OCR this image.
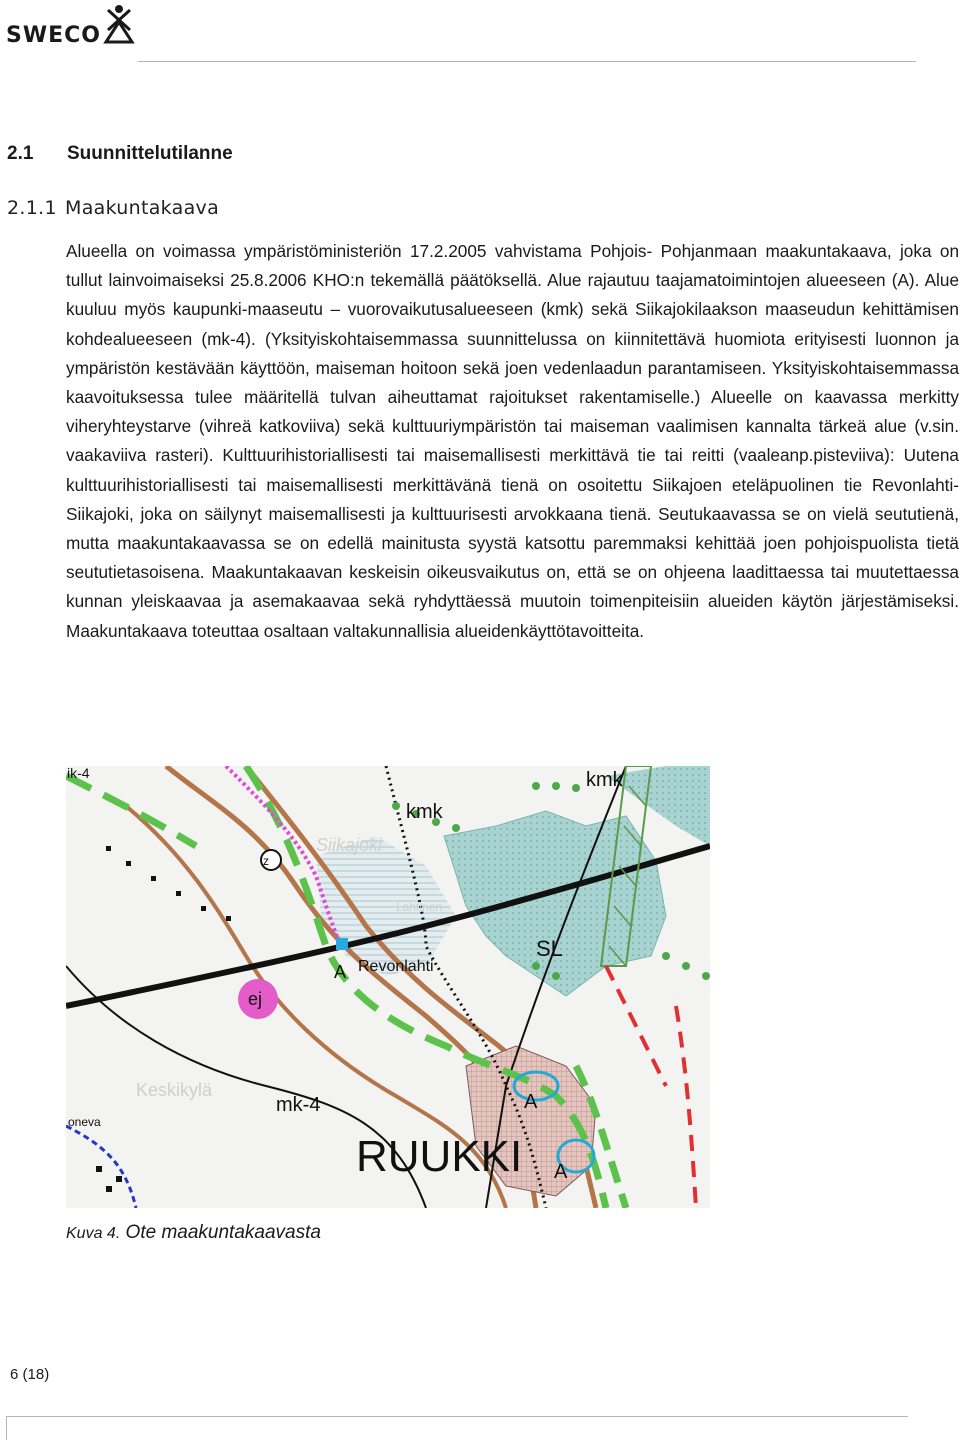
SWECO
2.1 Suunnittelutilanne
2.1.1 Maakuntakaava

Alueella on voimassa ympäristöministeriön 17.2.2005 vahvistama Pohjois- Pohjanmaan maakuntakaava, joka on tullut lainvoimaiseksi 25.8.2006 KHO:n tekemällä päätöksellä. Alue rajautuu taajamatoimintojen alueeseen (A). Alue kuuluu myös kaupunki-maaseutu – vuorovaikutusalueeseen (kmk) sekä Siikajokilaakson maaseudun kehittämisen kohdealueeseen (mk-4). (Yksityiskohtaisemmassa suunnittelussa on kiinnitettävä huomiota erityisesti luonnon ja ympäristön kestävään käyttöön, maiseman hoitoon sekä joen vedenlaadun parantamiseen. Yksityiskohtaisemmassa kaavoituksessa tulee määritellä tulvan aiheuttamat rajoitukset rakentamiselle.) Alueelle on kaavassa merkitty viheryhteystarve (vihreä katkoviiva) sekä kulttuuriympäristön tai maiseman vaalimisen kannalta tärkeä alue (v.sin. vaakaviiva rasteri). Kulttuurihistoriallisesti tai maisemallisesti merkittävä tie tai reitti (vaaleanp.pisteviiva): Uutena kulttuurihistoriallisesti tai maisemallisesti merkittävänä tienä on osoitettu Siikajoen eteläpuolinen tie Revonlahti- Siikajoki, joka on säilynyt maisemallisesti ja kulttuurisesti arvokkaana tienä. Seutukaavassa se on vielä seututienä, mutta maakuntakaavassa se on edellä mainitusta syystä katsottu paremmaksi kehittää joen pohjoispuolista tietä seututietasoisena. Maakuntakaavan keskeisin oikeusvaikutus on, että se on ohjeena laadittaessa tai muutettaessa kunnan yleiskaavaa ja asemakaavaa sekä ryhdyttäessä muutoin toimenpiteisiin alueiden käytön järjestämiseksi. Maakuntakaava toteuttaa osaltaan valtakunnallisia alueidenkäyttötavoitteita.

ik-4	kmk
kmk
Siikajoki
z
Lahtinen
SL
A Revonlahti
ej
Keskikylä
mk-4	A
A
RUUKKI
oneva
Kuva 4. Ote maakuntakaavasta
6 (18)
